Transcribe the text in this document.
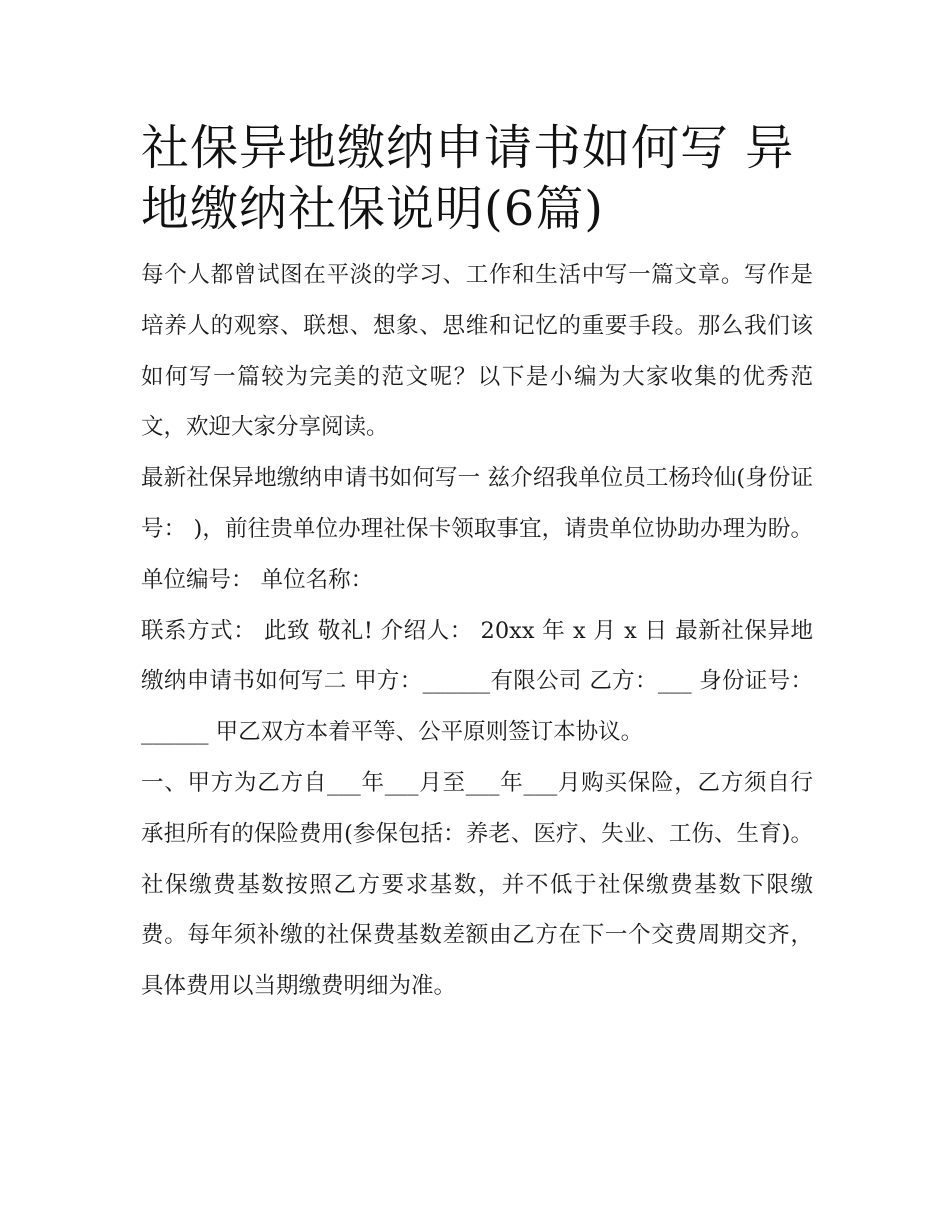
社保异地缴纳申请书如何写 异地缴纳社保说明(6篇)

每个人都曾试图在平淡的学习、工作和生活中写一篇文章。写作是培养人的观察、联想、想象、思维和记忆的重要手段。那么我们该如何写一篇较为完美的范文呢？以下是小编为大家收集的优秀范文，欢迎大家分享阅读。

最新社保异地缴纳申请书如何写一 兹介绍我单位员工杨玲仙(身份证号： )，前往贵单位办理社保卡领取事宜，请贵单位协助办理为盼。 单位编号： 单位名称：

联系方式： 此致 敬礼! 介绍人： 20xx 年 x 月 x 日 最新社保异地缴纳申请书如何写二 甲方：______有限公司 乙方：___ 身份证号：______ 甲乙双方本着平等、公平原则签订本协议。

一、甲方为乙方自___年___月至___年___月购买保险，乙方须自行承担所有的保险费用(参保包括：养老、医疗、失业、工伤、生育)。社保缴费基数按照乙方要求基数，并不低于社保缴费基数下限缴费。每年须补缴的社保费基数差额由乙方在下一个交费周期交齐，具体费用以当期缴费明细为准。
